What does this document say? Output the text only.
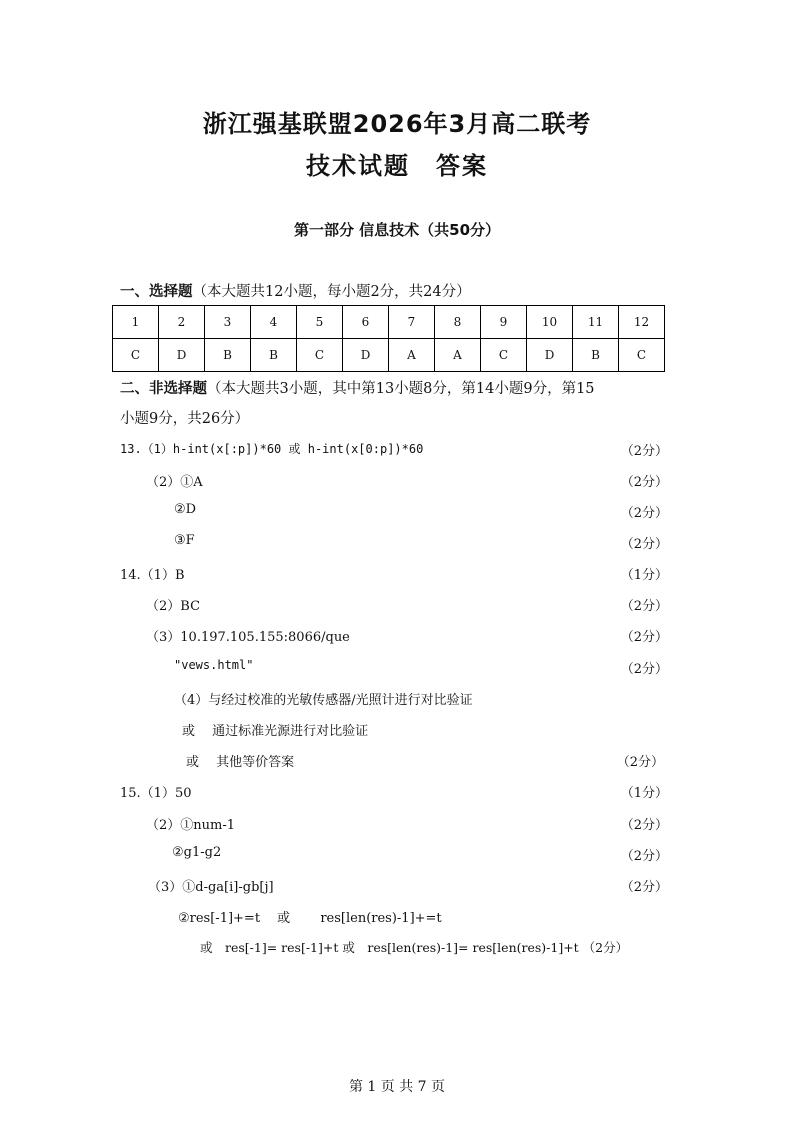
浙江强基联盟2026年3月高二联考
技术试题　答案
第一部分 信息技术（共50分）
一、选择题（本大题共12小题，每小题2分，共24分）
1	2	3	4	5	6	7	8	9	10	11	12
C	D	B	B	C	D	A	A	C	D	B	C
二、非选择题（本大题共3小题，其中第13小题8分，第14小题9分，第15
小题9分，共26分）
13.（1）h-int(x[:p])*60 或 h-int(x[0:p])*60	（2分）
（2）①A	（2分）
②D	（2分）
③F	（2分）
14.（1）B	（1分）
（2）BC	（2分）
（3）10.197.105.155:8066/que	（2分）
"vews.html"	（2分）
（4）与经过校准的光敏传感器/光照计进行对比验证
或　 通过标准光源进行对比验证
或　 其他等价答案	（2分）
15.（1）50	（1分）
（2）①num-1	（2分）
②g1-g2	（2分）
（3）①d-ga[i]-gb[j]	（2分）
②res[-1]+=t　 或　　 res[len(res)-1]+=t
或　res[-1]= res[-1]+t 或　res[len(res)-1]= res[len(res)-1]+t （2分）
第 1 页 共 7 页
